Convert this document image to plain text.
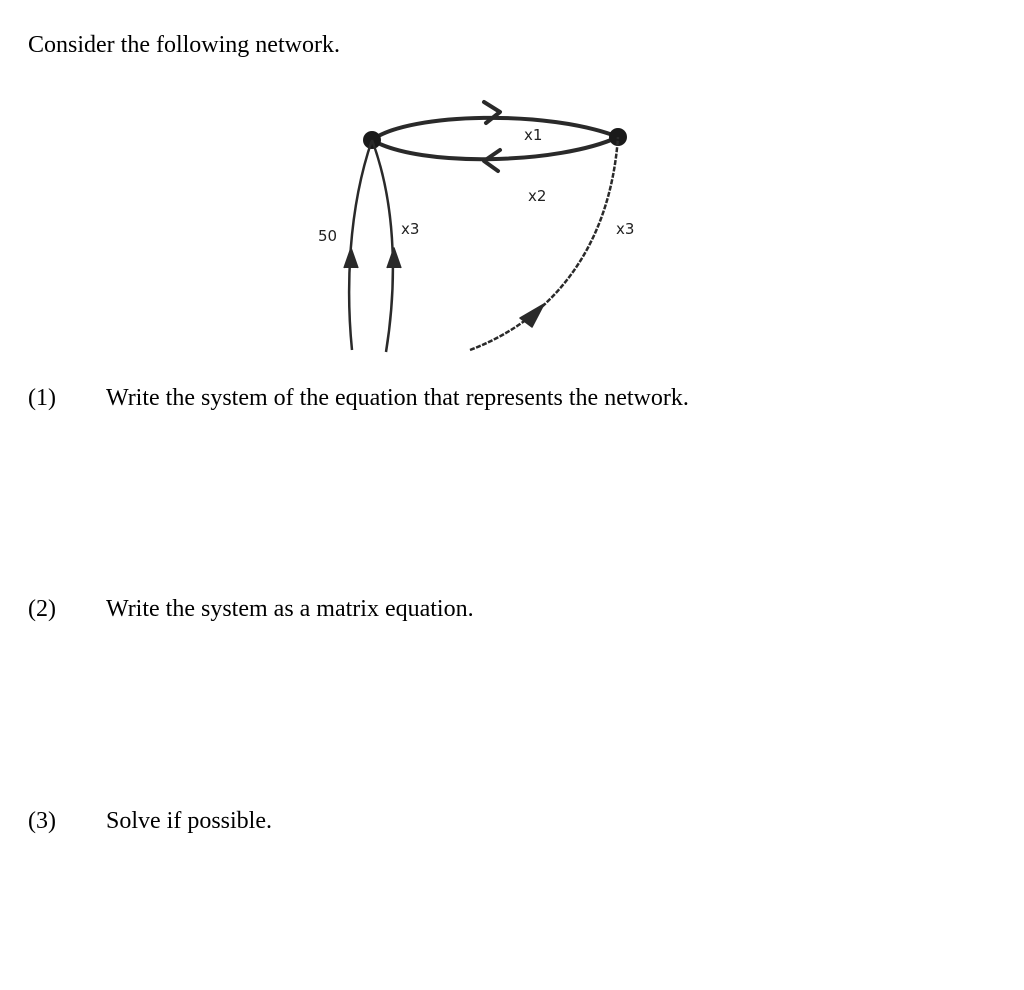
Consider the following network.
x1
x2
50	x3	x3
(1) Write the system of the equation that represents the network.
(2) Write the system as a matrix equation.
(3) Solve if possible.
